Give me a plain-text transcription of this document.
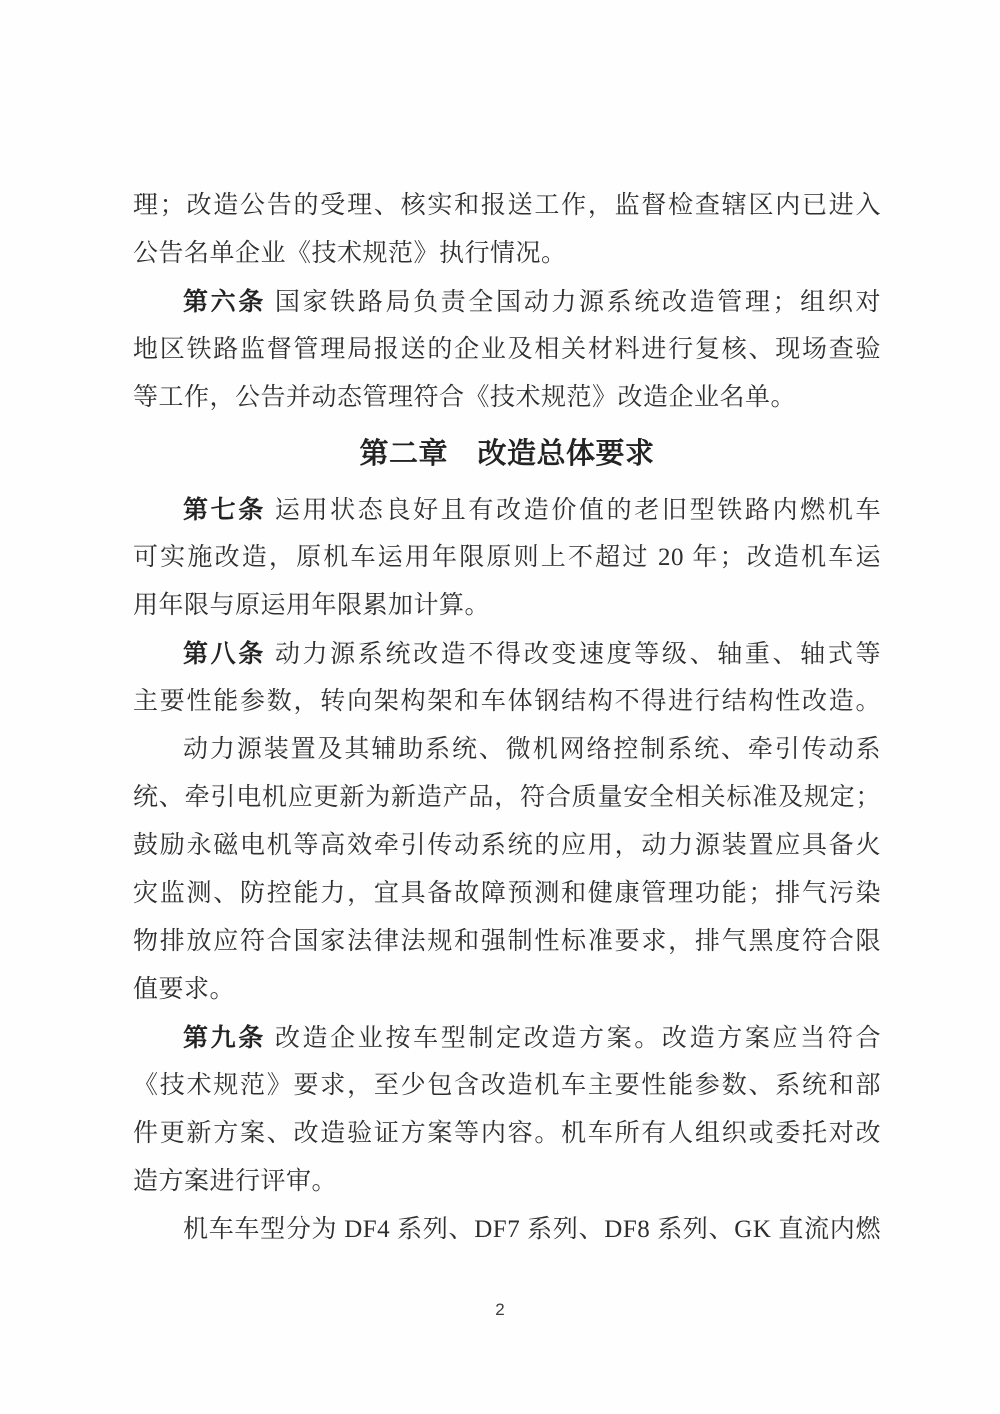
理；改造公告的受理、核实和报送工作，监督检查辖区内已进入
公告名单企业《技术规范》执行情况。
第六条 国家铁路局负责全国动力源系统改造管理；组织对
地区铁路监督管理局报送的企业及相关材料进行复核、现场查验
等工作，公告并动态管理符合《技术规范》改造企业名单。
第二章　改造总体要求
第七条 运用状态良好且有改造价值的老旧型铁路内燃机车
可实施改造，原机车运用年限原则上不超过 20 年；改造机车运
用年限与原运用年限累加计算。
第八条 动力源系统改造不得改变速度等级、轴重、轴式等
主要性能参数，转向架构架和车体钢结构不得进行结构性改造。
动力源装置及其辅助系统、微机网络控制系统、牵引传动系
统、牵引电机应更新为新造产品，符合质量安全相关标准及规定；
鼓励永磁电机等高效牵引传动系统的应用，动力源装置应具备火
灾监测、防控能力，宜具备故障预测和健康管理功能；排气污染
物排放应符合国家法律法规和强制性标准要求，排气黑度符合限
值要求。
第九条 改造企业按车型制定改造方案。改造方案应当符合
《技术规范》要求，至少包含改造机车主要性能参数、系统和部
件更新方案、改造验证方案等内容。机车所有人组织或委托对改
造方案进行评审。
机车车型分为 DF4 系列、DF7 系列、DF8 系列、GK 直流内燃
2
